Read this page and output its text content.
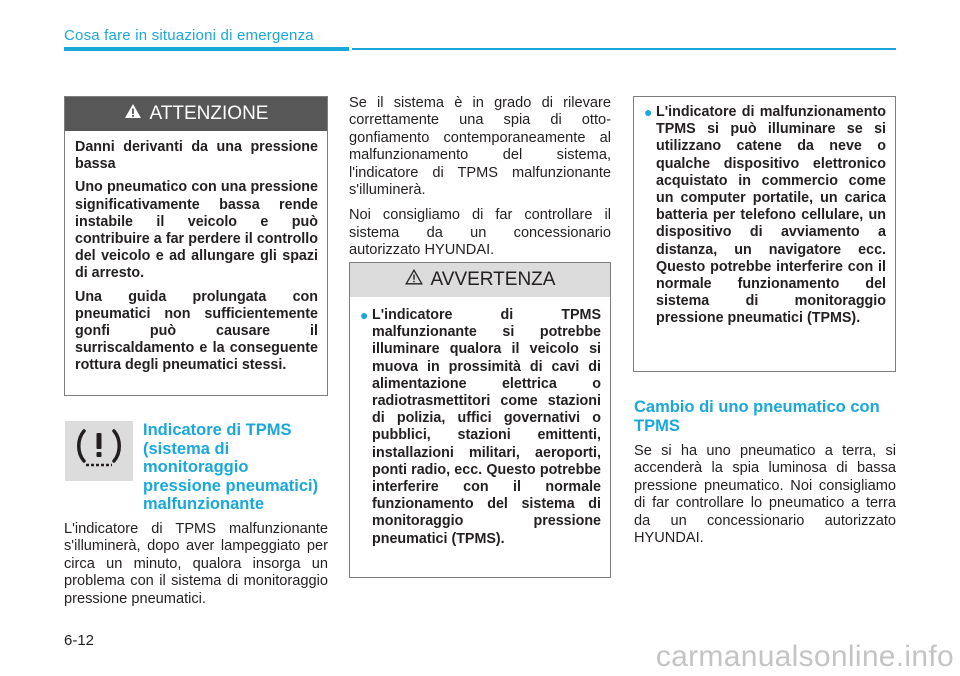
Cosa fare in situazioni di emergenza
ATTENZIONE

Danni derivanti da una pressione bassa

Uno pneumatico con una pressione significativamente bassa rende instabile il veicolo e può contribuire a far perdere il controllo del veicolo e ad allungare gli spazi di arresto.

Una guida prolungata con pneumatici non sufficientemente gonfi può causare il surriscaldamento e la conseguente rottura degli pneumatici stessi.

Indicatore di TPMS (sistema di monitoraggio pressione pneumatici) malfunzionante

L'indicatore di TPMS malfunzionante s'illuminerà, dopo aver lampeggiato per circa un minuto, qualora insorga un problema con il sistema di monitoraggio pressione pneumatici.

Se il sistema è in grado di rilevare correttamente una spia di otto-gonfiamento contemporaneamente al malfunzionamento del sistema, l'indicatore di TPMS malfunzionante s'illuminerà.

Noi consigliamo di far controllare il sistema da un concessionario autorizzato HYUNDAI.

AVVERTENZA
● L'indicatore di TPMS malfunzionante si potrebbe illuminare qualora il veicolo si muova in prossimità di cavi di alimentazione elettrica o radiotrasmettitori come stazioni di polizia, uffici governativi o pubblici, stazioni emittenti, installazioni militari, aeroporti, ponti radio, ecc. Questo potrebbe interferire con il normale funzionamento del sistema di monitoraggio pressione pneumatici (TPMS).
● L'indicatore di malfunzionamento TPMS si può illuminare se si utilizzano catene da neve o qualche dispositivo elettronico acquistato in commercio come un computer portatile, un carica batteria per telefono cellulare, un dispositivo di avviamento a distanza, un navigatore ecc. Questo potrebbe interferire con il normale funzionamento del sistema di monitoraggio pressione pneumatici (TPMS).

Cambio di uno pneumatico con TPMS

Se si ha uno pneumatico a terra, si accenderà la spia luminosa di bassa pressione pneumatico. Noi consigliamo di far controllare lo pneumatico a terra da un concessionario autorizzato HYUNDAI.

6-12	carmanualsonline.info
